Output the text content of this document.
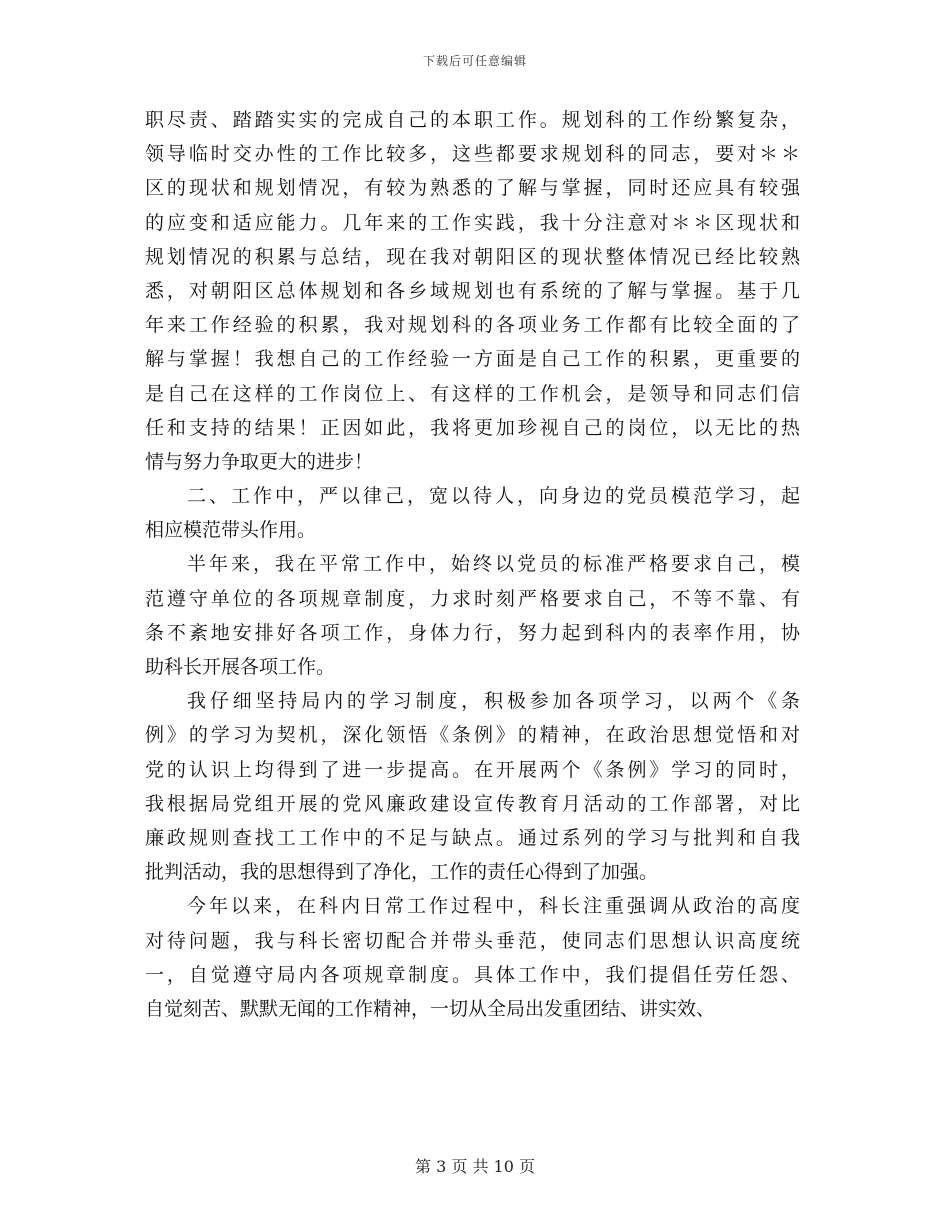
下载后可任意编辑
职尽责、踏踏实实的完成自己的本职工作。规划科的工作纷繁复杂，
领导临时交办性的工作比较多，这些都要求规划科的同志，要对＊＊
区的现状和规划情况，有较为熟悉的了解与掌握，同时还应具有较强
的应变和适应能力。几年来的工作实践，我十分注意对＊＊区现状和
规划情况的积累与总结，现在我对朝阳区的现状整体情况已经比较熟
悉，对朝阳区总体规划和各乡域规划也有系统的了解与掌握。基于几
年来工作经验的积累，我对规划科的各项业务工作都有比较全面的了
解与掌握！我想自己的工作经验一方面是自己工作的积累，更重要的
是自己在这样的工作岗位上、有这样的工作机会，是领导和同志们信
任和支持的结果！正因如此，我将更加珍视自己的岗位，以无比的热
情与努力争取更大的进步！
二、工作中，严以律己，宽以待人，向身边的党员模范学习，起
相应模范带头作用。
半年来，我在平常工作中，始终以党员的标准严格要求自己，模
范遵守单位的各项规章制度，力求时刻严格要求自己，不等不靠、有
条不紊地安排好各项工作，身体力行，努力起到科内的表率作用，协
助科长开展各项工作。
我仔细坚持局内的学习制度，积极参加各项学习，以两个《条
例》的学习为契机，深化领悟《条例》的精神，在政治思想觉悟和对
党的认识上均得到了进一步提高。在开展两个《条例》学习的同时，
我根据局党组开展的党风廉政建设宣传教育月活动的工作部署，对比
廉政规则查找工工作中的不足与缺点。通过系列的学习与批判和自我
批判活动，我的思想得到了净化，工作的责任心得到了加强。
今年以来，在科内日常工作过程中，科长注重强调从政治的高度
对待问题，我与科长密切配合并带头垂范，使同志们思想认识高度统
一，自觉遵守局内各项规章制度。具体工作中，我们提倡任劳任怨、
自觉刻苦、默默无闻的工作精神，一切从全局出发重团结、讲实效、
第 3 页 共 10 页
